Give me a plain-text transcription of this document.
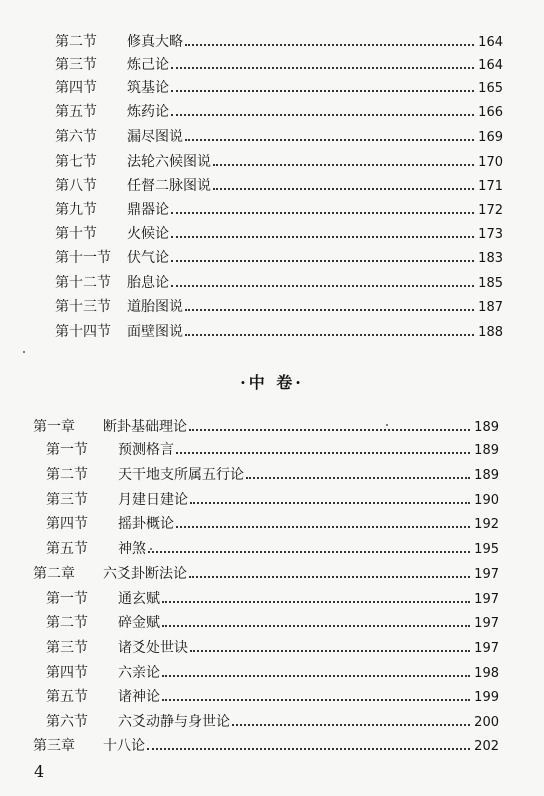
第二节	修真大略	164
第三节	炼己论	164
第四节	筑基论	165
第五节	炼药论	166
第六节	漏尽图说	169
第七节	法轮六候图说	170
第八节	任督二脉图说	171
第九节	鼎器论	172
第十节	火候论	173
第十一节	伏气论	183
第十二节	胎息论	185
第十三节	道胎图说	187
第十四节	面壁图说	188
·中 卷·
第一章	断卦基础理论	189
第一节	预测格言	189
第二节	天干地支所属五行论	189
第三节	月建日建论	190
第四节	摇卦概论	192
第五节	神煞	195
第二章	六爻卦断法论	197
第一节	通玄赋	197
第二节	碎金赋	197
第三节	诸爻处世诀	197
第四节	六亲论	198
第五节	诸神论	199
第六节	六爻动静与身世论	200
第三章	十八论	202
4
